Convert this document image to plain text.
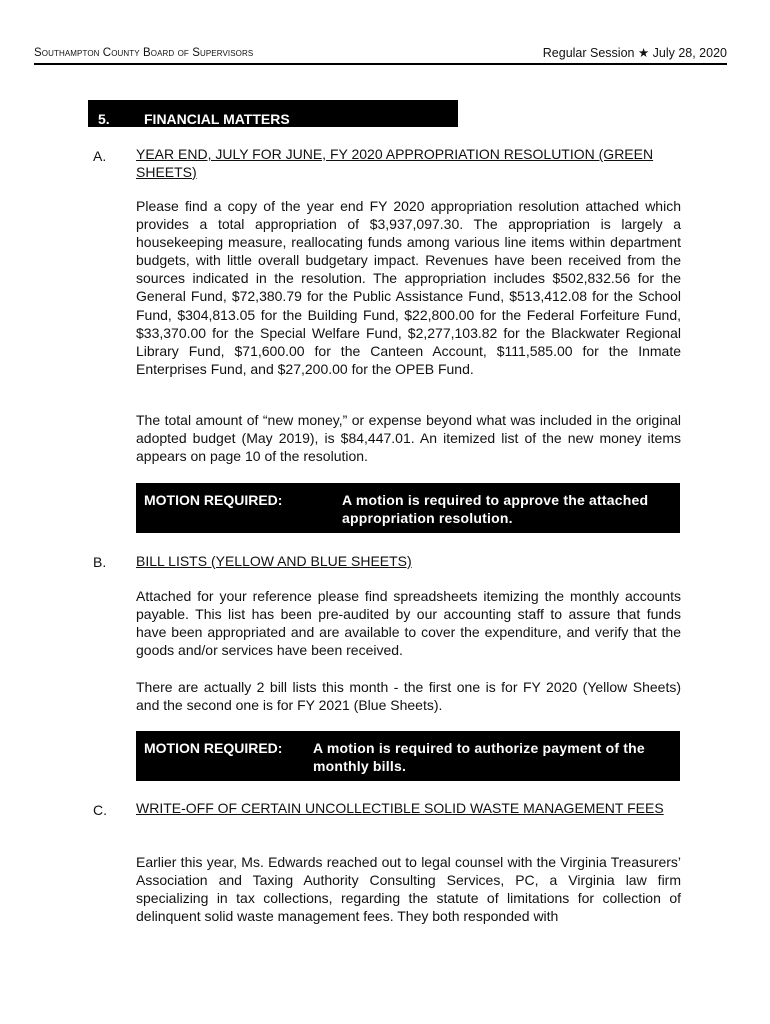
Southampton County Board of Supervisors	Regular Session ★ July 28, 2020
5. FINANCIAL MATTERS
A. YEAR END, JULY FOR JUNE, FY 2020 APPROPRIATION RESOLUTION (GREEN SHEETS)

Please find a copy of the year end FY 2020 appropriation resolution attached which provides a total appropriation of $3,937,097.30. The appropriation is largely a housekeeping measure, reallocating funds among various line items within department budgets, with little overall budgetary impact. Revenues have been received from the sources indicated in the resolution. The appropriation includes $502,832.56 for the General Fund, $72,380.79 for the Public Assistance Fund, $513,412.08 for the School Fund, $304,813.05 for the Building Fund, $22,800.00 for the Federal Forfeiture Fund, $33,370.00 for the Special Welfare Fund, $2,277,103.82 for the Blackwater Regional Library Fund, $71,600.00 for the Canteen Account, $111,585.00 for the Inmate Enterprises Fund, and $27,200.00 for the OPEB Fund.

The total amount of “new money,” or expense beyond what was included in the original adopted budget (May 2019), is $84,447.01. An itemized list of the new money items appears on page 10 of the resolution.

MOTION REQUIRED:	A motion is required to approve the attached appropriation resolution.
B. BILL LISTS (YELLOW AND BLUE SHEETS)

Attached for your reference please find spreadsheets itemizing the monthly accounts payable. This list has been pre-audited by our accounting staff to assure that funds have been appropriated and are available to cover the expenditure, and verify that the goods and/or services have been received.

There are actually 2 bill lists this month - the first one is for FY 2020 (Yellow Sheets) and the second one is for FY 2021 (Blue Sheets).

MOTION REQUIRED: A motion is required to authorize payment of the monthly bills.
C. WRITE-OFF OF CERTAIN UNCOLLECTIBLE SOLID WASTE MANAGEMENT FEES

Earlier this year, Ms. Edwards reached out to legal counsel with the Virginia Treasurers’ Association and Taxing Authority Consulting Services, PC, a Virginia law firm specializing in tax collections, regarding the statute of limitations for collection of delinquent solid waste management fees. They both responded with
